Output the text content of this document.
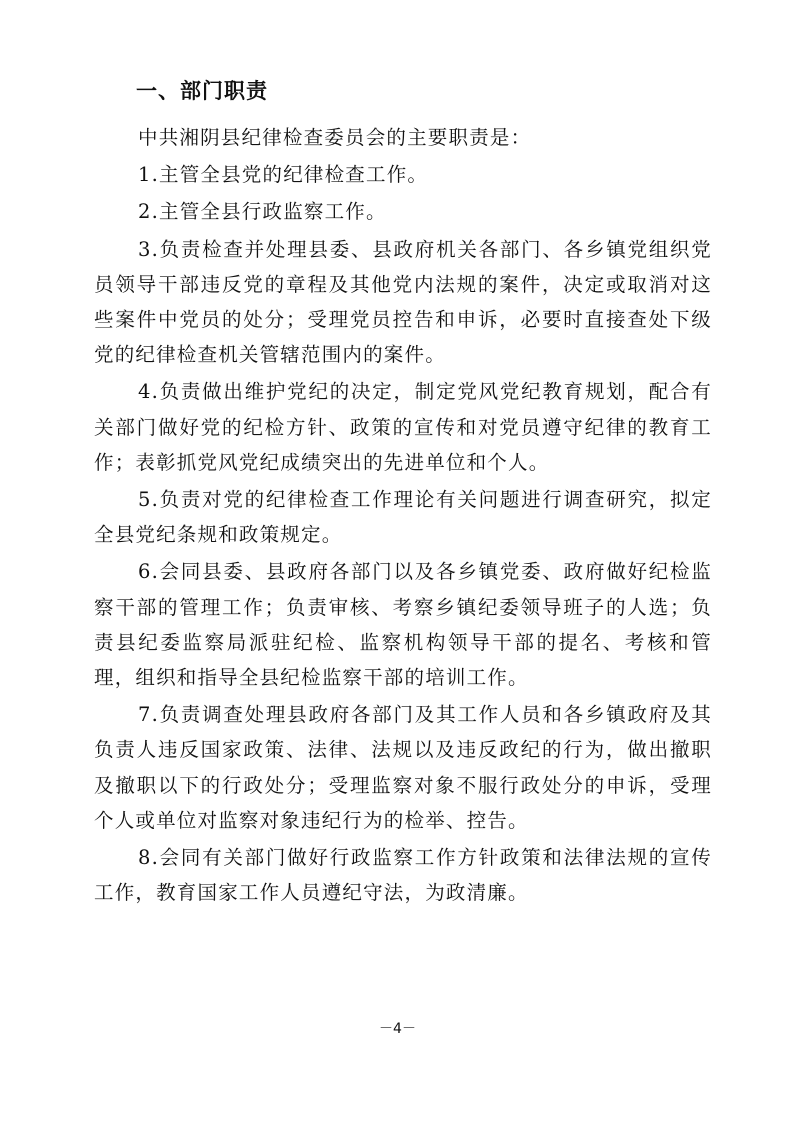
一、部门职责

中共湘阴县纪律检查委员会的主要职责是：

1.主管全县党的纪律检查工作。

2.主管全县行政监察工作。

3.负责检查并处理县委、县政府机关各部门、各乡镇党组织党员领导干部违反党的章程及其他党内法规的案件，决定或取消对这些案件中党员的处分；受理党员控告和申诉，必要时直接查处下级党的纪律检查机关管辖范围内的案件。

4.负责做出维护党纪的决定，制定党风党纪教育规划，配合有关部门做好党的纪检方针、政策的宣传和对党员遵守纪律的教育工作；表彰抓党风党纪成绩突出的先进单位和个人。

5.负责对党的纪律检查工作理论有关问题进行调查研究，拟定全县党纪条规和政策规定。

6.会同县委、县政府各部门以及各乡镇党委、政府做好纪检监察干部的管理工作；负责审核、考察乡镇纪委领导班子的人选；负责县纪委监察局派驻纪检、监察机构领导干部的提名、考核和管理，组织和指导全县纪检监察干部的培训工作。

7.负责调查处理县政府各部门及其工作人员和各乡镇政府及其负责人违反国家政策、法律、法规以及违反政纪的行为，做出撤职及撤职以下的行政处分；受理监察对象不服行政处分的申诉，受理个人或单位对监察对象违纪行为的检举、控告。

8.会同有关部门做好行政监察工作方针政策和法律法规的宣传工作，教育国家工作人员遵纪守法，为政清廉。

－4－
